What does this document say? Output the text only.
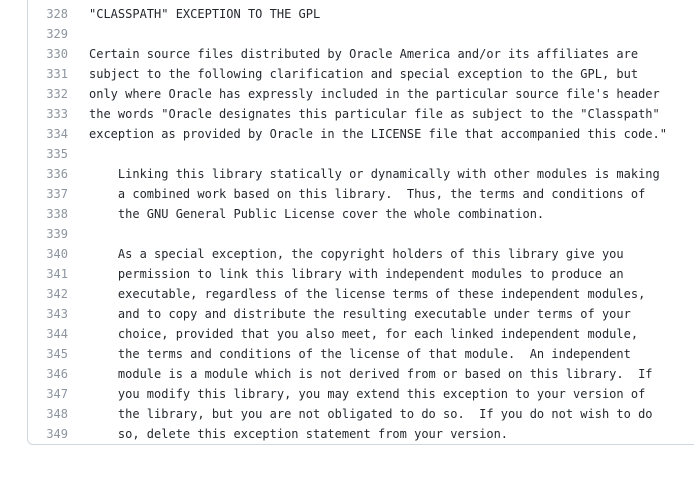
328	"CLASSPATH" EXCEPTION TO THE GPL
329	
330	Certain source files distributed by Oracle America and/or its affiliates are
331	subject to the following clarification and special exception to the GPL, but
332	only where Oracle has expressly included in the particular source file's header
333	the words "Oracle designates this particular file as subject to the "Classpath"
334	exception as provided by Oracle in the LICENSE file that accompanied this code."
335	
336	Linking this library statically or dynamically with other modules is making
337	a combined work based on this library.  Thus, the terms and conditions of
338	the GNU General Public License cover the whole combination.
339	
340	As a special exception, the copyright holders of this library give you
341	permission to link this library with independent modules to produce an
342	executable, regardless of the license terms of these independent modules,
343	and to copy and distribute the resulting executable under terms of your
344	choice, provided that you also meet, for each linked independent module,
345	the terms and conditions of the license of that module.  An independent
346	module is a module which is not derived from or based on this library.  If
347	you modify this library, you may extend this exception to your version of
348	the library, but you are not obligated to do so.  If you do not wish to do
349	so, delete this exception statement from your version.
